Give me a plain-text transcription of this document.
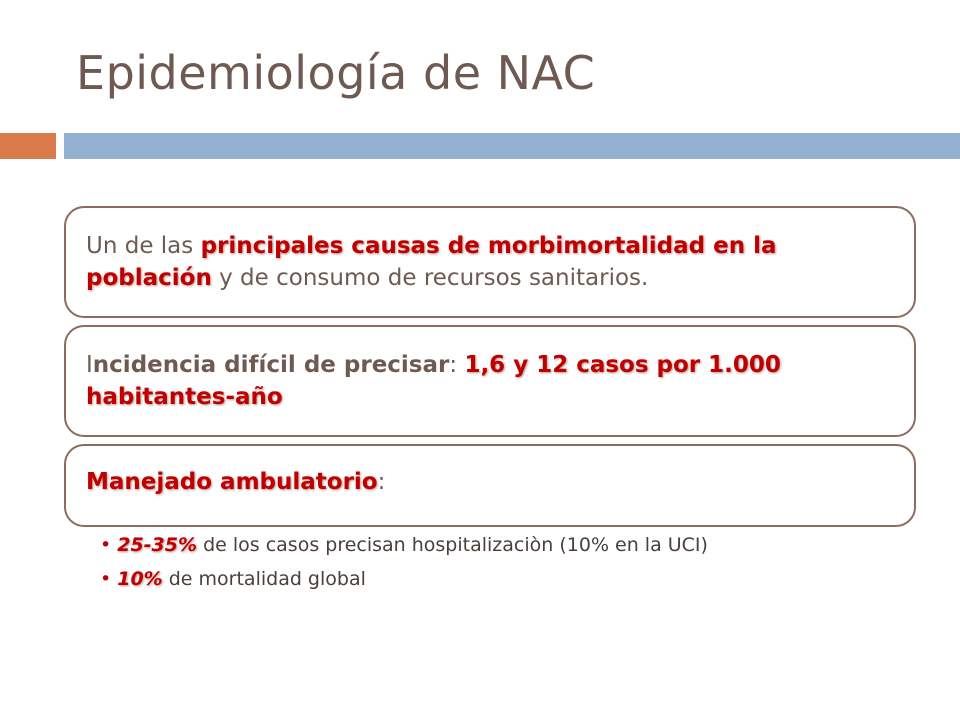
Epidemiología de NAC

Un de las principales causas de morbimortalidad en la población y de consumo de recursos sanitarios.

Incidencia difícil de precisar: 1,6 y 12 casos por 1.000 habitantes-año

Manejado ambulatorio:

• 25-35% de los casos precisan hospitalizaciòn (10% en la UCI)
• 10% de mortalidad global
